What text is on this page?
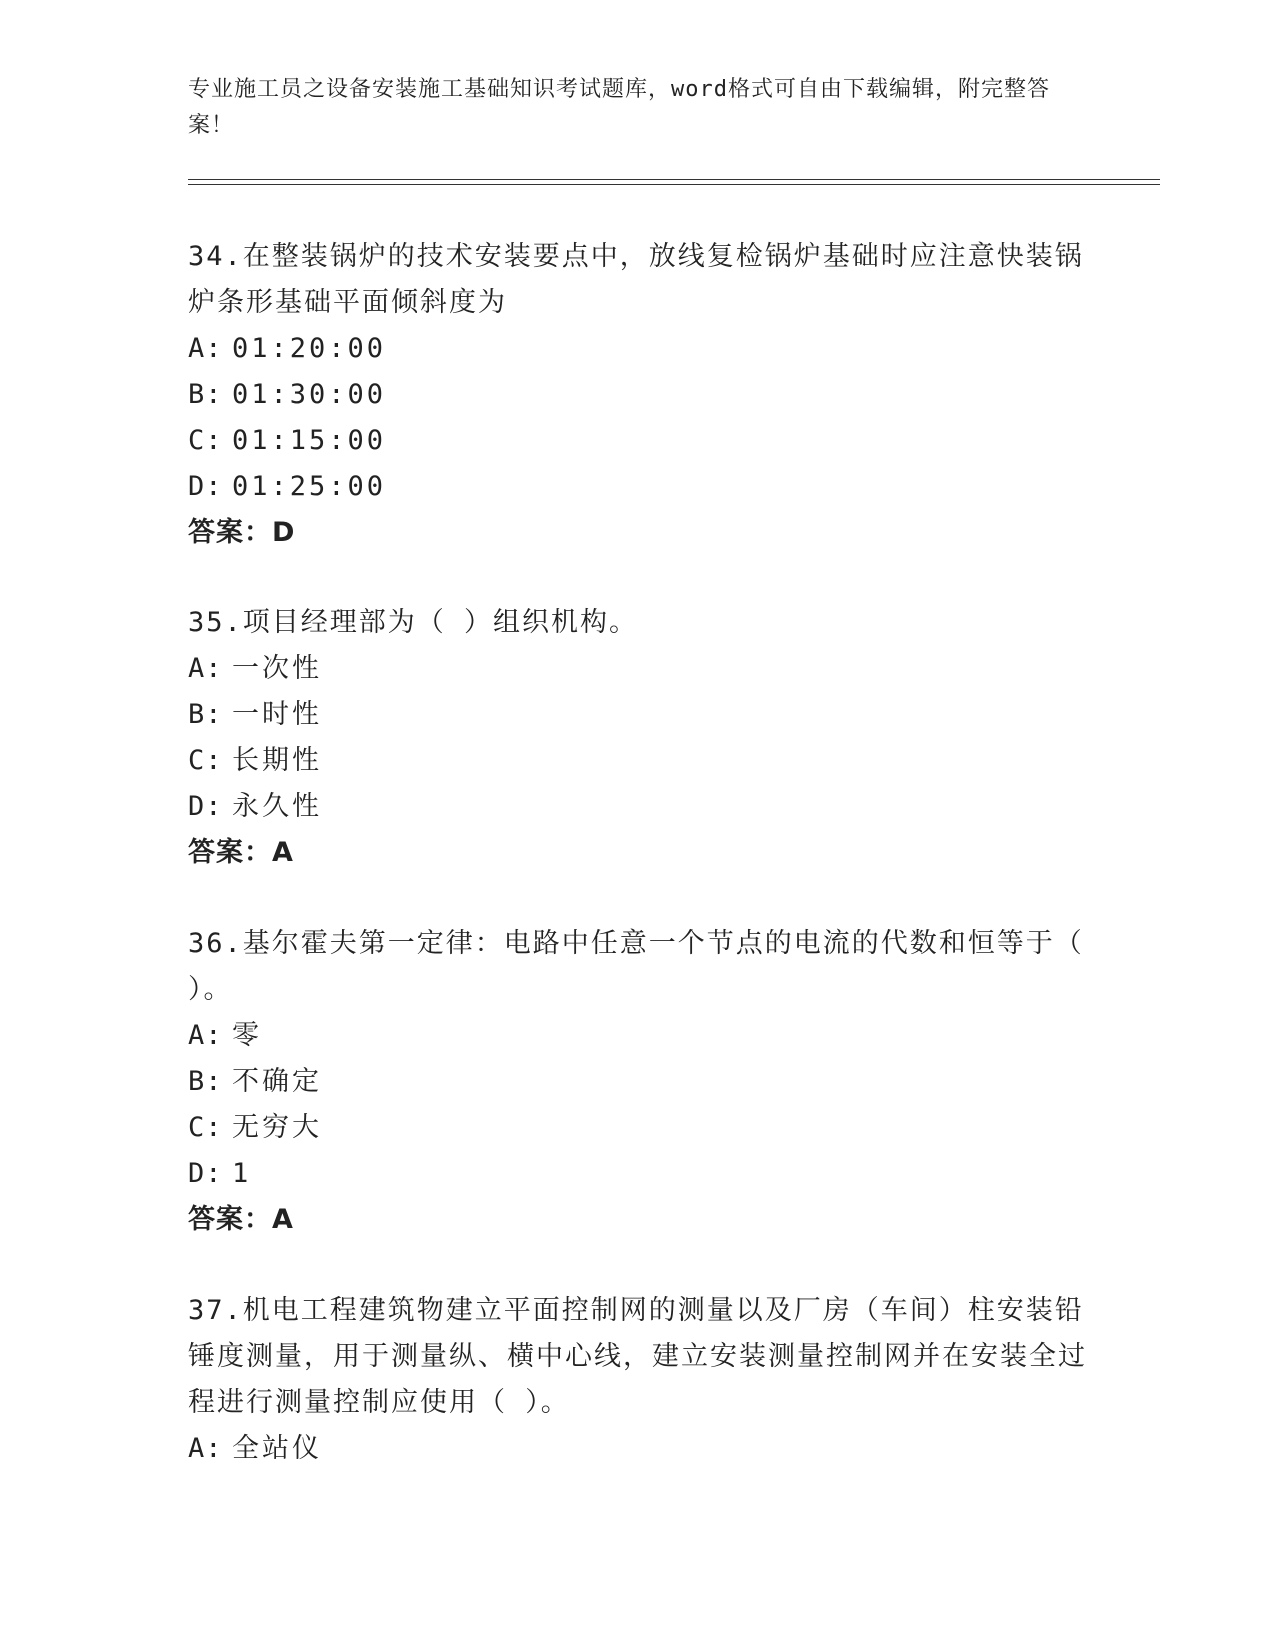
专业施工员之设备安装施工基础知识考试题库，word格式可自由下载编辑，附完整答案！

34.在整装锅炉的技术安装要点中，放线复检锅炉基础时应注意快装锅炉条形基础平面倾斜度为

A: 01:20:00
B: 01:30:00
C: 01:15:00
D: 01:25:00
答案：D

35.项目经理部为（ ）组织机构。

A: 一次性
B: 一时性
C: 长期性
D: 永久性
答案：A

36.基尔霍夫第一定律：电路中任意一个节点的电流的代数和恒等于（ ）。

A: 零
B: 不确定
C: 无穷大
D: 1
答案：A

37.机电工程建筑物建立平面控制网的测量以及厂房（车间）柱安装铅锤度测量，用于测量纵、横中心线，建立安装测量控制网并在安装全过程进行测量控制应使用（ ）。

A: 全站仪
